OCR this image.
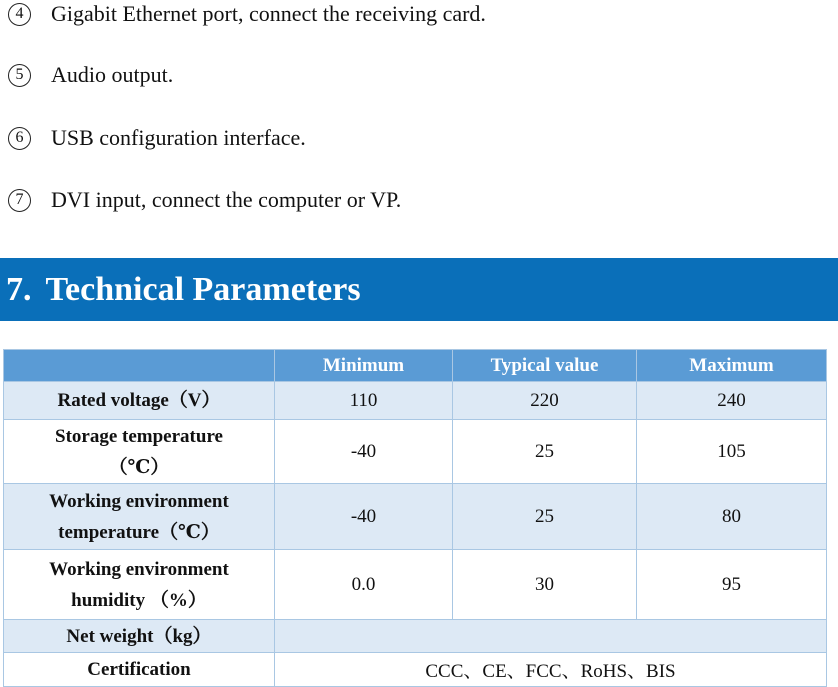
4	Gigabit Ethernet port, connect the receiving card.
5	Audio output.
6	USB configuration interface.
7	DVI input, connect the computer or VP.
7. Technical Parameters
	Minimum	Typical value	Maximum
Rated voltage（V）	110	220	240
Storage temperature（℃）	-40	25	105
Working environment temperature（℃）	-40	25	80
Working environment humidity （%）	0.0	30	95
Net weight（kg）			
Certification	CCC、CE、FCC、RoHS、BIS		
